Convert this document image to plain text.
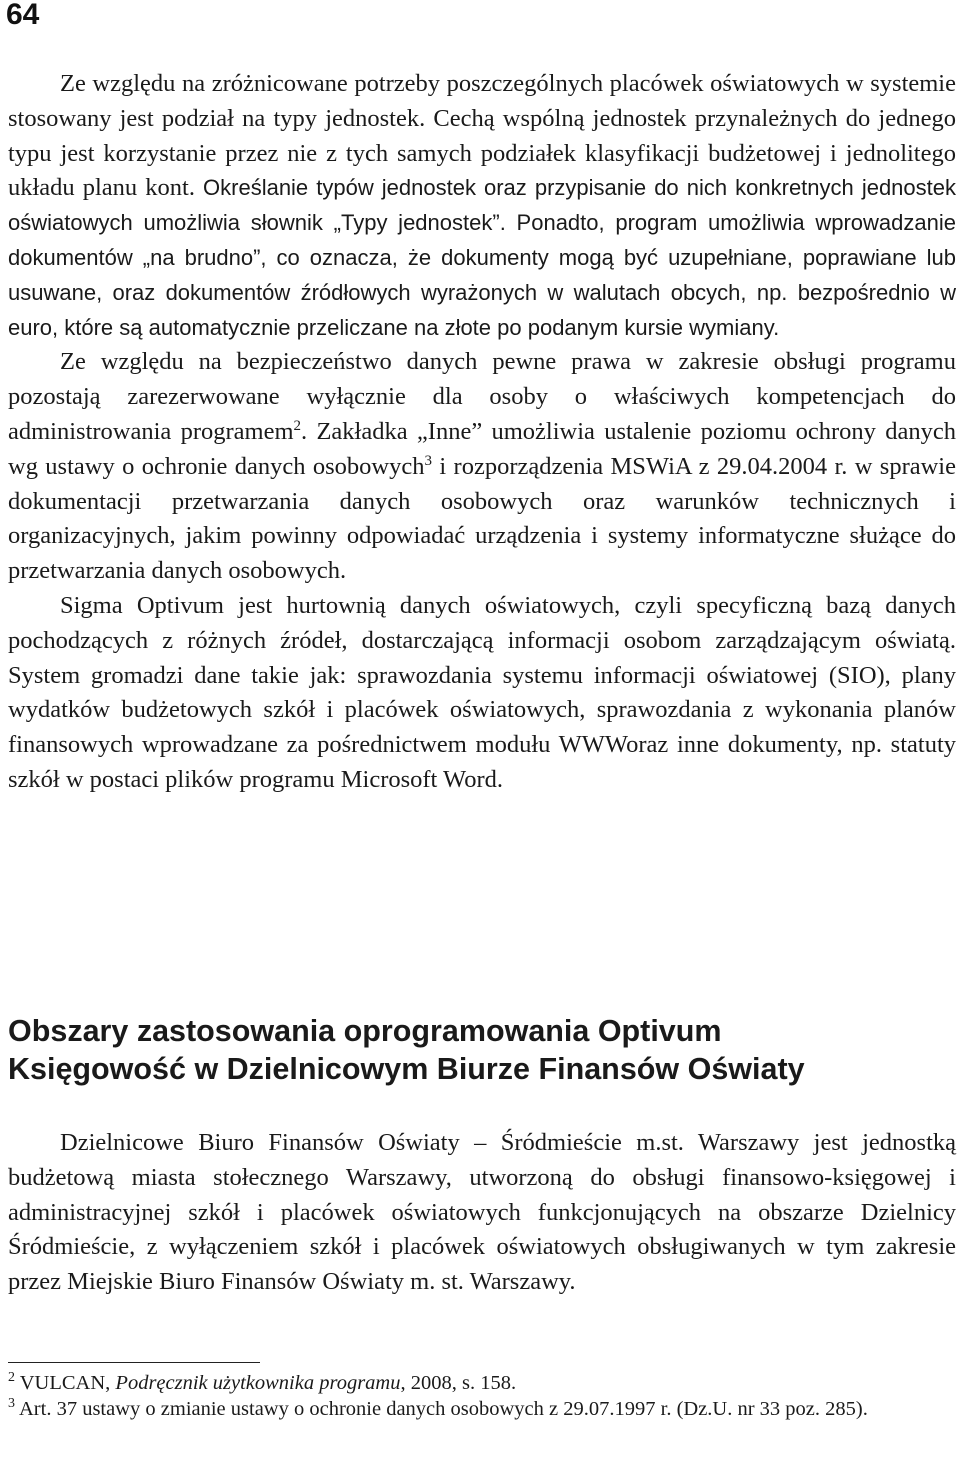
64

Ze względu na zróżnicowane potrzeby poszczególnych placówek oświatowych w systemie stosowany jest podział na typy jednostek. Cechą wspólną jednostek przynależnych do jednego typu jest korzystanie przez nie z tych samych podziałek klasyfikacji budżetowej i jednolitego układu planu kont. Określanie typów jednostek oraz przypisanie do nich konkretnych jednostek oświatowych umożliwia słownik „Typy jednostek”. Ponadto, program umożliwia wprowadzanie dokumentów „na brudno”, co oznacza, że dokumenty mogą być uzupełniane, poprawiane lub usuwane, oraz dokumentów źródłowych wyrażonych w walutach obcych, np. bezpośrednio w euro, które są automatycznie przeliczane na złote po podanym kursie wymiany.

Ze względu na bezpieczeństwo danych pewne prawa w zakresie obsługi programu pozostają zarezerwowane wyłącznie dla osoby o właściwych kompetencjach do administrowania programem$^2$. Zakładka „Inne” umożliwia ustalenie poziomu ochrony danych wg ustawy o ochronie danych osobowych$^3$ i rozporządzenia MSWiA z 29.04.2004 r. w sprawie dokumentacji przetwarzania danych osobowych oraz warunków technicznych i organizacyjnych, jakim powinny odpowiadać urządzenia i systemy informatyczne służące do przetwarzania danych osobowych.

Sigma Optivum jest hurtownią danych oświatowych, czyli specyficzną bazą danych pochodzących z różnych źródeł, dostarczającą informacji osobom zarządzającym oświatą. System gromadzi dane takie jak: sprawozdania systemu informacji oświatowej (SIO), plany wydatków budżetowych szkół i placówek oświatowych, sprawozdania z wykonania planów finansowych wprowadzane za pośrednictwem modułu WWWoraz inne dokumenty, np. statuty szkół w postaci plików programu Microsoft Word.

Obszary zastosowania oprogramowania Optivum
Księgowość w Dzielnicowym Biurze Finansów Oświaty

Dzielnicowe Biuro Finansów Oświaty – Śródmieście m.st. Warszawy jest jednostką budżetową miasta stołecznego Warszawy, utworzoną do obsługi finansowo-księgowej i administracyjnej szkół i placówek oświatowych funkcjonujących na obszarze Dzielnicy Śródmieście, z wyłączeniem szkół i placówek oświatowych obsługiwanych w tym zakresie przez Miejskie Biuro Finansów Oświaty m. st. Warszawy.

$^2$ VULCAN, Podręcznik użytkownika programu, 2008, s. 158.

$^3$ Art. 37 ustawy o zmianie ustawy o ochronie danych osobowych z 29.07.1997 r. (Dz.U. nr 33 poz. 285).
